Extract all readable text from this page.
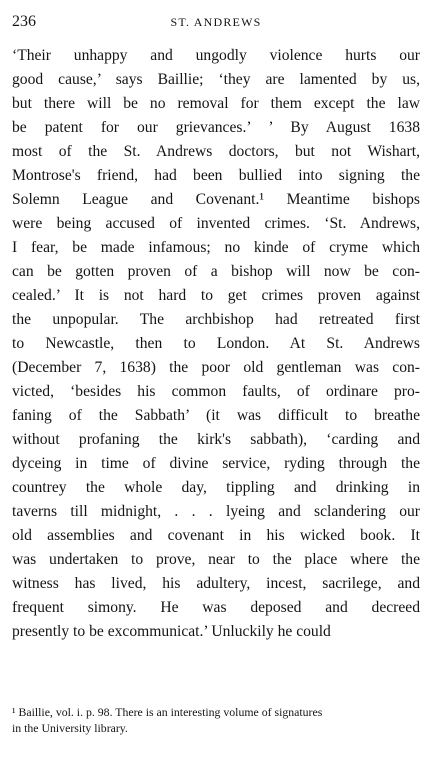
236	ST. ANDREWS
‘Their unhappy and ungodly violence hurts our
good cause,’ says Baillie; ‘they are lamented by us,
but there will be no removal for them except the law
be patent for our grievances.’ ’ By August 1638
most of the St. Andrews doctors, but not Wishart,
Montrose's friend, had been bullied into signing the
Solemn League and Covenant.¹ Meantime bishops
were being accused of invented crimes. ‘St. Andrews,
I fear, be made infamous; no kinde of cryme which
can be gotten proven of a bishop will now be con-
cealed.’ It is not hard to get crimes proven against
the unpopular. The archbishop had retreated first
to Newcastle, then to London. At St. Andrews
(December 7, 1638) the poor old gentleman was con-
victed, ‘besides his common faults, of ordinare pro-
faning of the Sabbath’ (it was difficult to breathe
without profaning the kirk's sabbath), ‘carding and
dyceing in time of divine service, ryding through the
countrey the whole day, tippling and drinking in
taverns till midnight, . . . lyeing and sclandering our
old assemblies and covenant in his wicked book. It
was undertaken to prove, near to the place where the
witness has lived, his adultery, incest, sacrilege, and
frequent simony. He was deposed and decreed
presently to be excommunicat.’ Unluckily he could
¹ Baillie, vol. i. p. 98. There is an interesting volume of signatures
in the University library.
